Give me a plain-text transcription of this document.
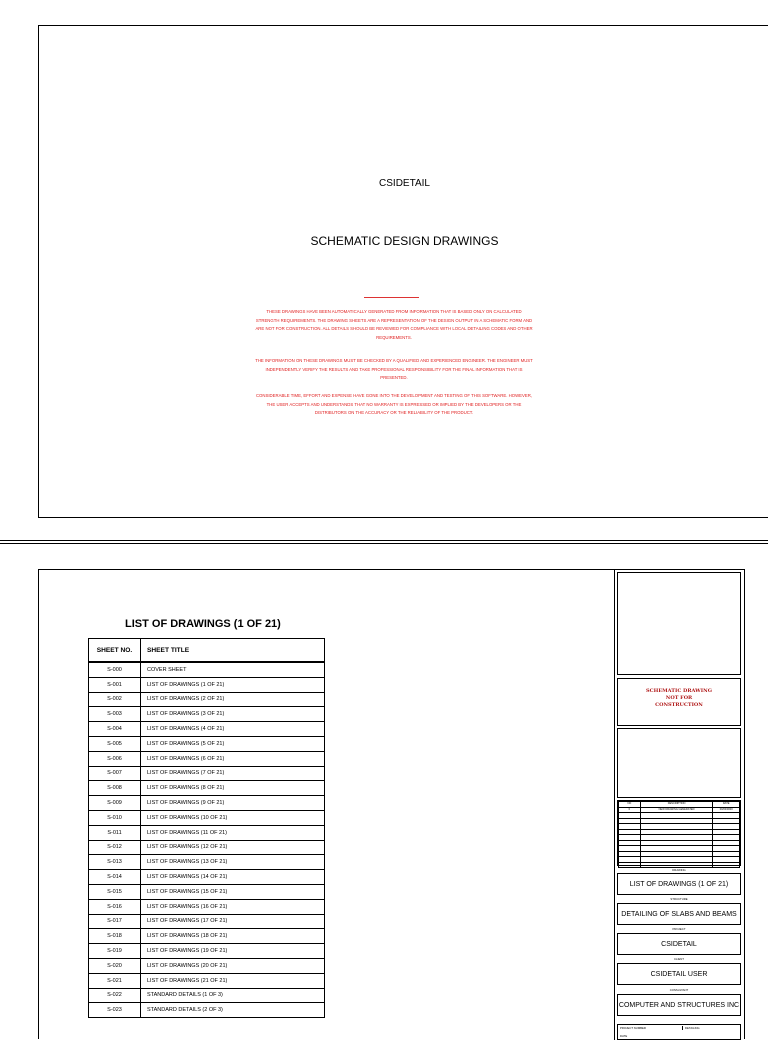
CSIDETAIL
SCHEMATIC DESIGN DRAWINGS
THESE DRAWINGS HAVE BEEN AUTOMATICALLY GENERATED FROM INFORMATION THAT IS BASED ONLY ON CALCULATED STRENGTH REQUIREMENTS. THE DRAWING SHEETS ARE A REPRESENTATION OF THE DESIGN OUTPUT IN A SCHEMATIC FORM AND ARE NOT FOR CONSTRUCTION. ALL DETAILS SHOULD BE REVIEWED FOR COMPLIANCE WITH LOCAL DETAILING CODES AND OTHER REQUIREMENTS.
THE INFORMATION ON THESE DRAWINGS MUST BE CHECKED BY A QUALIFIED AND EXPERIENCED ENGINEER. THE ENGINEER MUST INDEPENDENTLY VERIFY THE RESULTS AND TAKE PROFESSIONAL RESPONSIBILITY FOR THE FINAL INFORMATION THAT IS PRESENTED.
CONSIDERABLE TIME, EFFORT AND EXPENSE HAVE GONE INTO THE DEVELOPMENT AND TESTING OF THIS SOFTWARE. HOWEVER, THE USER ACCEPTS AND UNDERSTANDS THAT NO WARRANTY IS EXPRESSED OR IMPLIED BY THE DEVELOPERS OR THE DISTRIBUTORS ON THE ACCURACY OR THE RELIABILITY OF THE PRODUCT.
LIST OF DRAWINGS (1 OF 21)
SHEET NO.	SHEET TITLE
S-000	COVER SHEET
S-001	LIST OF DRAWINGS (1 OF 21)
S-002	LIST OF DRAWINGS (2 OF 21)
S-003	LIST OF DRAWINGS (3 OF 21)
S-004	LIST OF DRAWINGS (4 OF 21)
S-005	LIST OF DRAWINGS (5 OF 21)
S-006	LIST OF DRAWINGS (6 OF 21)
S-007	LIST OF DRAWINGS (7 OF 21)
S-008	LIST OF DRAWINGS (8 OF 21)
S-009	LIST OF DRAWINGS (9 OF 21)
S-010	LIST OF DRAWINGS (10 OF 21)
S-011	LIST OF DRAWINGS (11 OF 21)
S-012	LIST OF DRAWINGS (12 OF 21)
S-013	LIST OF DRAWINGS (13 OF 21)
S-014	LIST OF DRAWINGS (14 OF 21)
S-015	LIST OF DRAWINGS (15 OF 21)
S-016	LIST OF DRAWINGS (16 OF 21)
S-017	LIST OF DRAWINGS (17 OF 21)
S-018	LIST OF DRAWINGS (18 OF 21)
S-019	LIST OF DRAWINGS (19 OF 21)
S-020	LIST OF DRAWINGS (20 OF 21)
S-021	LIST OF DRAWINGS (21 OF 21)
S-022	STANDARD DETAILS (1 OF 3)
S-023	STANDARD DETAILS (2 OF 3)
SCHEMATIC DRAWING
NOT FOR
CONSTRUCTION
NO	DESCRIPTION	DATE
0	NEW DRAWING GENERATED	00/00/0000

DRAWING
LIST OF DRAWINGS (1 OF 21)
STRUCTURE
DETAILING OF SLABS AND BEAMS
PROJECT
CSIDETAIL
CLIENT
CSIDETAIL USER
CONSULTANT
COMPUTER AND STRUCTURES INC
PROJECT NUMBER	DETAILING
DATE
